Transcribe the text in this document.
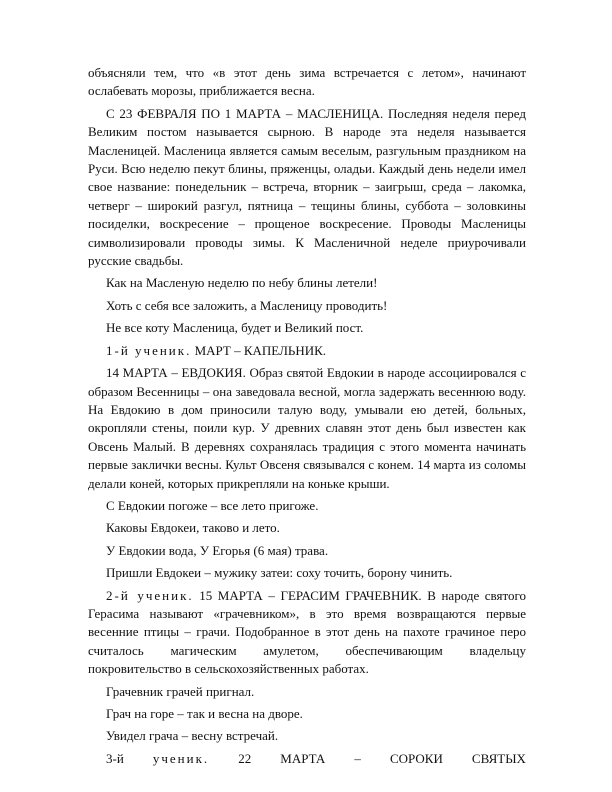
объясняли тем, что «в этот день зима встречается с летом», начинают ослабевать морозы, приближается весна.

С 23 ФЕВРАЛЯ ПО 1 МАРТА – МАСЛЕНИЦА. Последняя неделя перед Великим постом называется сырною. В народе эта неделя называется Масленицей. Масленица является самым веселым, разгульным праздником на Руси. Всю неделю пекут блины, пряженцы, оладьи. Каждый день недели имел свое название: понедельник – встреча, вторник – заигрыш, среда – лакомка, четверг – широкий разгул, пятница – тещины блины, суббота – золовкины посиделки, воскресение – прощеное воскресение. Проводы Масленицы символизировали проводы зимы. К Масленичной неделе приурочивали русские свадьбы.

Как на Масленую неделю по небу блины летели!

Хоть с себя все заложить, а Масленицу проводить!

Не все коту Масленица, будет и Великий пост.

1-й ученик. МАРТ – КАПЕЛЬНИК.

14 МАРТА – ЕВДОКИЯ. Образ святой Евдокии в народе ассоциировался с образом Весенницы – она заведовала весной, могла задержать весеннюю воду. На Евдокию в дом приносили талую воду, умывали ею детей, больных, окропляли стены, поили кур. У древних славян этот день был известен как Овсень Малый. В деревнях сохранялась традиция с этого момента начинать первые заклички весны. Культ Овсеня связывался с конем. 14 марта из соломы делали коней, которых прикрепляли на коньке крыши.

С Евдокии погоже – все лето пригоже.

Каковы Евдокеи, таково и лето.

У Евдокии вода, У Егорья (6 мая) трава.

Пришли Евдокеи – мужику затеи: соху точить, борону чинить.

2-й ученик. 15 МАРТА – ГЕРАСИМ ГРАЧЕВНИК. В народе святого Герасима называют «грачевником», в это время возвращаются первые весенние птицы – грачи. Подобранное в этот день на пахоте грачиное перо считалось магическим амулетом, обеспечивающим владельцу покровительство в сельскохозяйственных работах.

Грачевник грачей пригнал.

Грач на горе – так и весна на дворе.

Увидел грача – весну встречай.

3-й ученик. 22 МАРТА – СОРОКИ СВЯТЫХ
